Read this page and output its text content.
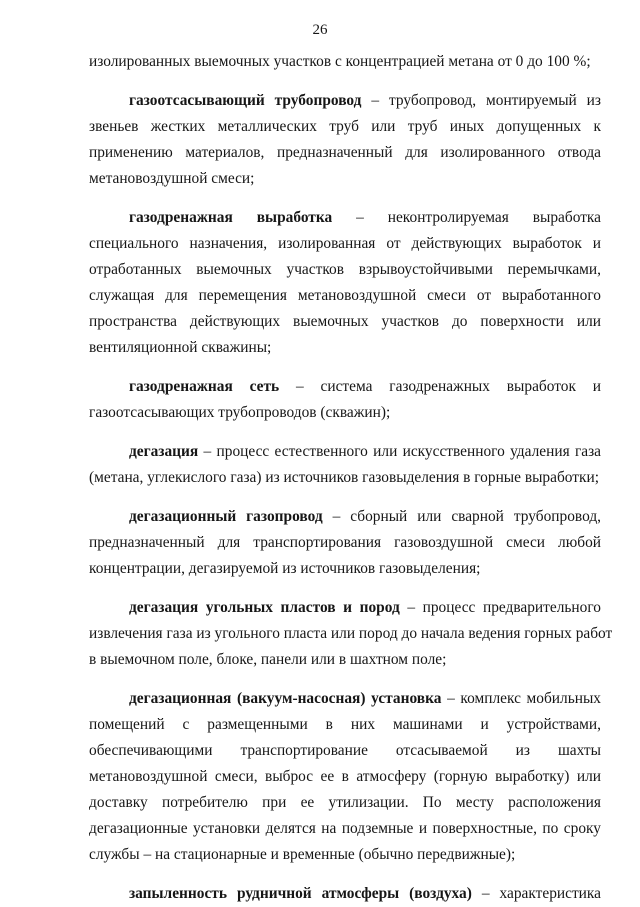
26

изолированных выемочных участков с концентрацией метана от 0 до 100 %;

газоотсасывающий трубопровод – трубопровод, монтируемый из
звеньев жестких металлических труб или труб иных допущенных к
применению материалов, предназначенный для изолированного отвода
метановоздушной смеси;

газодренажная выработка – неконтролируемая выработка
специального назначения, изолированная от действующих выработок и
отработанных выемочных участков взрывоустойчивыми перемычками,
служащая для перемещения метановоздушной смеси от выработанного
пространства действующих выемочных участков до поверхности или
вентиляционной скважины;

газодренажная сеть – система газодренажных выработок и
газоотсасывающих трубопроводов (скважин);

дегазация – процесс естественного или искусственного удаления газа
(метана, углекислого газа) из источников газовыделения в горные выработки;

дегазационный газопровод – сборный или сварной трубопровод,
предназначенный для транспортирования газовоздушной смеси любой
концентрации, дегазируемой из источников газовыделения;

дегазация угольных пластов и пород – процесс предварительного
извлечения газа из угольного пласта или пород до начала ведения горных работ
в выемочном поле, блоке, панели или в шахтном поле;

дегазационная (вакуум-насосная) установка – комплекс мобильных
помещений с размещенными в них машинами и устройствами,
обеспечивающими транспортирование отсасываемой из шахты
метановоздушной смеси, выброс ее в атмосферу (горную выработку) или
доставку потребителю при ее утилизации. По месту расположения
дегазационные установки делятся на подземные и поверхностные, по сроку
службы – на стационарные и временные (обычно передвижные);

запыленность рудничной атмосферы (воздуха) – характеристика
